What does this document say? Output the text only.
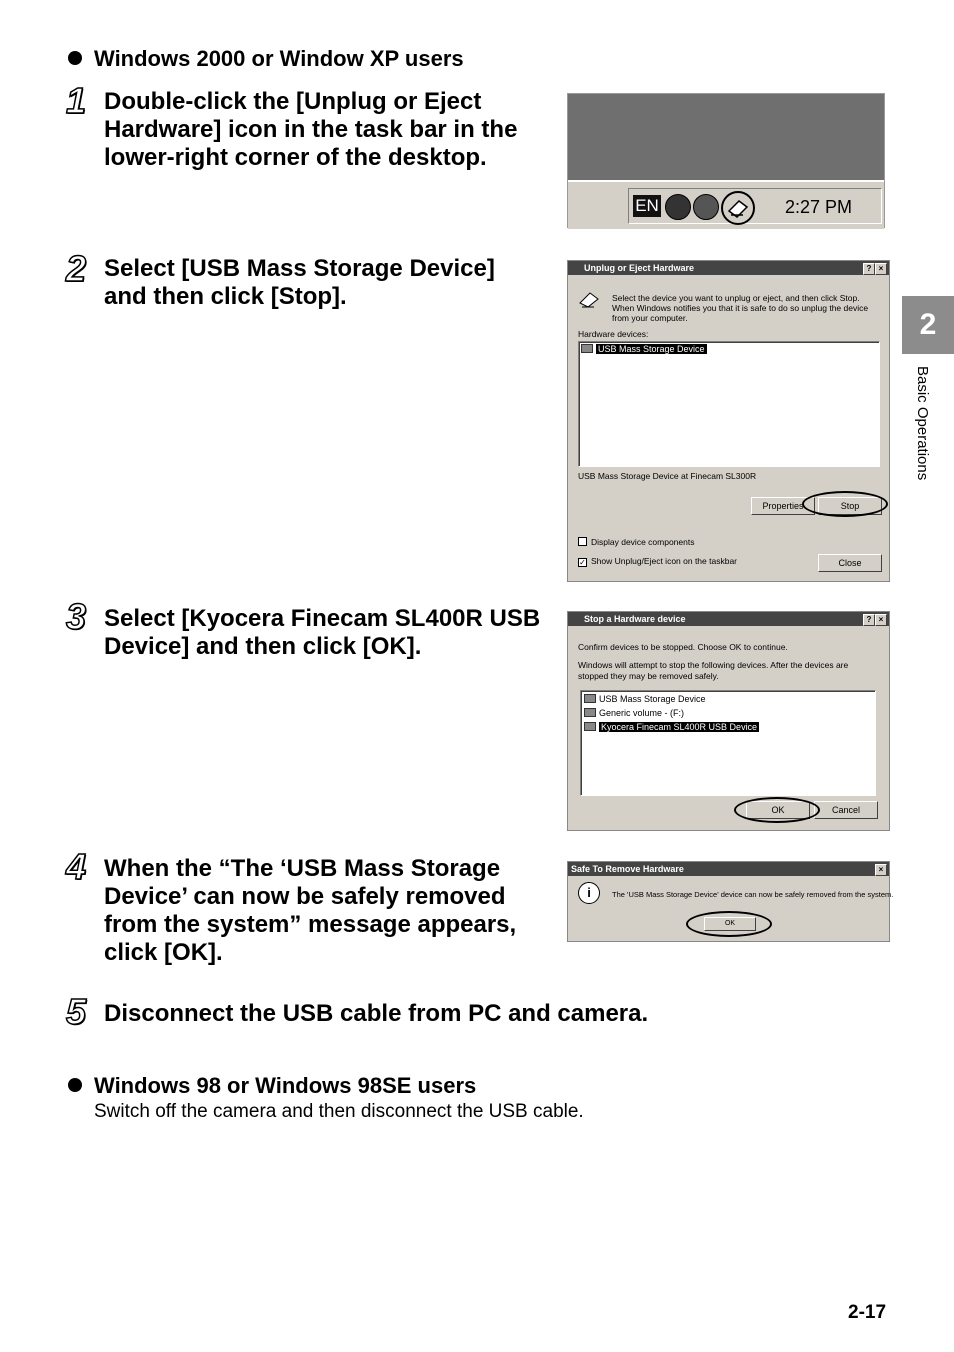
Windows 2000 or Window XP users
1 Double-click the [Unplug or Eject Hardware] icon in the task bar in the lower-right corner of the desktop.
EN	2:27 PM
2 Select [USB Mass Storage Device] and then click [Stop].
Unplug or Eject Hardware	? ×
Select the device you want to unplug or eject, and then click Stop. When Windows notifies you that it is safe to do so unplug the device from your computer.
Hardware devices:
USB Mass Storage Device
USB Mass Storage Device at Finecam SL300R
Properties	Stop
Display device components
✓ Show Unplug/Eject icon on the taskbar	Close
3 Select [Kyocera Finecam SL400R USB Device] and then click [OK].
Stop a Hardware device	? ×
Confirm devices to be stopped. Choose OK to continue.
Windows will attempt to stop the following devices. After the devices are stopped they may be removed safely.
USB Mass Storage Device
Generic volume - (F:)
Kyocera Finecam SL400R USB Device
OK	Cancel
4 When the “The ‘USB Mass Storage Device’ can now be safely removed from the system” message appears, click [OK].
Safe To Remove Hardware	×
i	The 'USB Mass Storage Device' device can now be safely removed from the system.
OK
5 Disconnect the USB cable from PC and camera.
Windows 98 or Windows 98SE users
Switch off the camera and then disconnect the USB cable.
2
Basic Operations
2-17
